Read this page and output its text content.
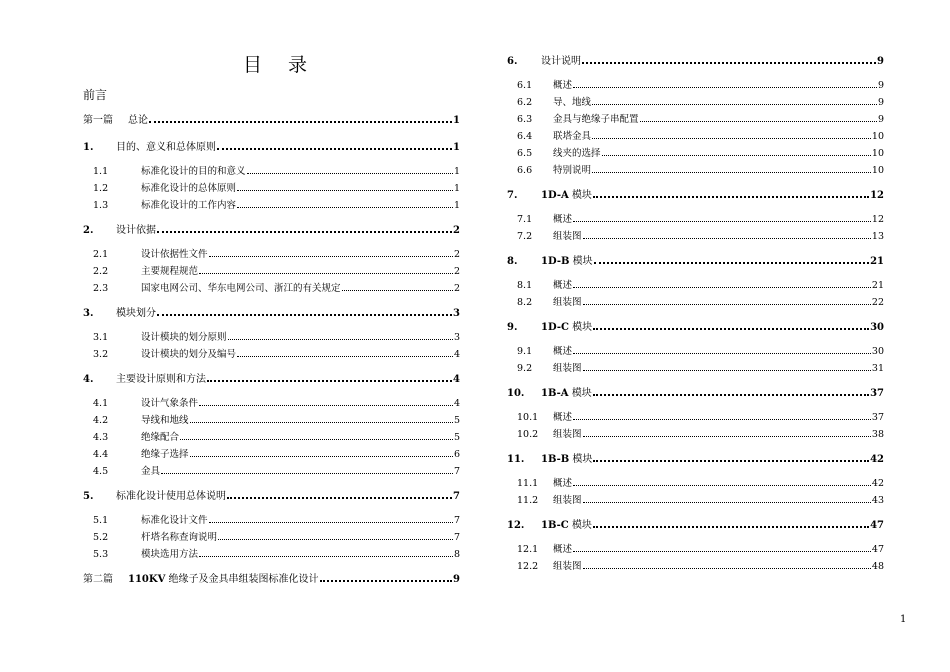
目 录
前言
第一篇	总论	1
1.	目的、意义和总体原则	1
1.1	标准化设计的目的和意义	1
1.2	标准化设计的总体原则	1
1.3	标准化设计的工作内容	1
2.	设计依据	2
2.1	设计依据性文件	2
2.2	主要规程规范	2
2.3	国家电网公司、华东电网公司、浙江的有关规定	2
3.	模块划分	3
3.1	设计模块的划分原则	3
3.2	设计模块的划分及编号	4
4.	主要设计原则和方法	4
4.1	设计气象条件	4
4.2	导线和地线	5
4.3	绝缘配合	5
4.4	绝缘子选择	6
4.5	金具	7
5.	标准化设计使用总体说明	7
5.1	标准化设计文件	7
5.2	杆塔名称查询说明	7
5.3	模块选用方法	8
第二篇	110KV 绝缘子及金具串组装图标准化设计	9
6.	设计说明	9
6.1	概述	9
6.2	导、地线	9
6.3	金具与绝缘子串配置	9
6.4	联塔金具	10
6.5	线夹的选择	10
6.6	特别说明	10
7.	1D-A 模块	12
7.1	概述	12
7.2	组装图	13
8.	1D-B 模块	21
8.1	概述	21
8.2	组装图	22
9.	1D-C 模块	30
9.1	概述	30
9.2	组装图	31
10.	1B-A 模块	37
10.1	概述	37
10.2	组装图	38
11.	1B-B 模块	42
11.1	概述	42
11.2	组装图	43
12.	1B-C 模块	47
12.1	概述	47
12.2	组装图	48
1
